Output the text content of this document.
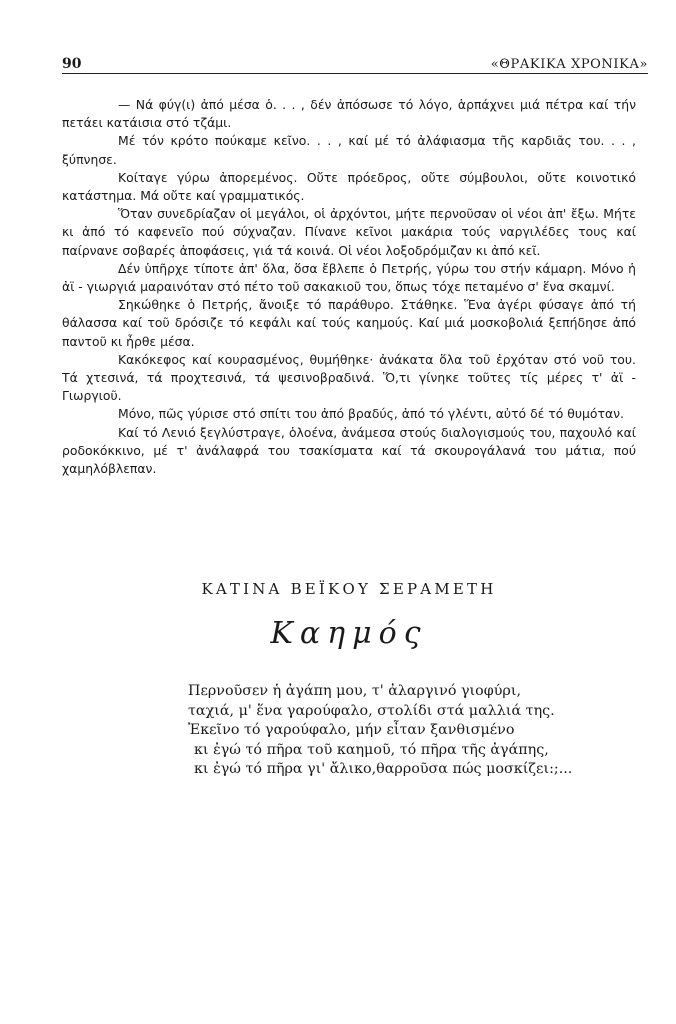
90	«ΘΡΑΚΙΚΑ ΧΡΟΝΙΚΑ»

— Νά φύγ(ι) ἀπό μέσα ὁ. . . , δέν ἀπόσωσε τό λόγο, ἁρπάχνει μιά πέτρα καί τήν πετάει κατάισια στό τζάμι.

Μέ τόν κρότο πούκαμε κεῖνο. . . , καί μέ τό ἀλάφιασμα τῆς καρδιᾶς του. . . , ξύπνησε.

Κοίταγε γύρω ἀπορεμένος. Οὔτε πρόεδρος, οὔτε σύμβουλοι, οὔτε κοινοτικό κατάστημα. Μά οὔτε καί γραμματικός.

Ὅταν συνεδρίαζαν οἱ μεγάλοι, οἱ ἀρχόντοι, μήτε περνοῦσαν οἱ νέοι ἀπ' ἔξω. Μήτε κι ἀπό τό καφενεῖο πού σύχναζαν. Πίνανε κεῖνοι μακάρια τούς ναργιλέδες τους καί παίρνανε σοβαρές ἀποφάσεις, γιά τά κοινά. Οἱ νέοι λοξοδρόμιζαν κι ἀπό κεῖ.

Δέν ὑπῆρχε τίποτε ἀπ' ὅλα, ὅσα ἔβλεπε ὁ Πετρής, γύρω του στήν κάμαρη. Μόνο ἡ ἀϊ - γιωργιά μαραινόταν στό πέτο τοῦ σακακιοῦ του, ὅπως τόχε πεταμένο σ' ἕνα σκαμνί.

Σηκώθηκε ὁ Πετρής, ἄνοιξε τό παράθυρο. Στάθηκε. Ἕνα ἀγέρι φύσαγε ἀπό τή θάλασσα καί τοῦ δρόσιζε τό κεφάλι καί τούς καημούς. Καί μιά μοσκοβολιά ξεπήδησε ἀπό παντοῦ κι ἦρθε μέσα.

Κακόκεφος καί κουρασμένος, θυμήθηκε· ἀνάκατα ὅλα τοῦ ἐρχόταν στό νοῦ του. Τά χτεσινά, τά προχτεσινά, τά ψεσινοβραδινά. Ὅ,τι γίνηκε τοῦτες τίς μέρες τ' ἀϊ - Γιωργιοῦ.

Μόνο, πῶς γύρισε στό σπίτι του ἀπό βραδύς, ἀπό τό γλέντι, αὐτό δέ τό θυμόταν.

Καί τό Λενιό ξεγλύστραγε, ὁλοένα, ἀνάμεσα στούς διαλογισμούς του, παχουλό καί ροδοκόκκινο, μέ τ' ἀνάλαφρά του τσακίσματα καί τά σκουρογάλανά του μάτια, πού χαμηλόβλεπαν.

ΚΑΤΙΝΑ ΒΕΪΚΟΥ ΣΕΡΑΜΕΤΗ
Καημός
Περνοῦσεν ἡ ἀγάπη μου, τ' ἀλαργινό γιοφύρι,
ταχιά, μ' ἕνα γαρούφαλο, στολίδι στά μαλλιά της.
Ἐκεῖνο τό γαρούφαλο, μήν εἶταν ξανθισμένο
κι ἐγώ τό πῆρα τοῦ καημοῦ, τό πῆρα τῆς ἀγάπης,
κι ἐγώ τό πῆρα γι' ἄλικο,θαρροῦσα πώς μοσκίζει:;...
